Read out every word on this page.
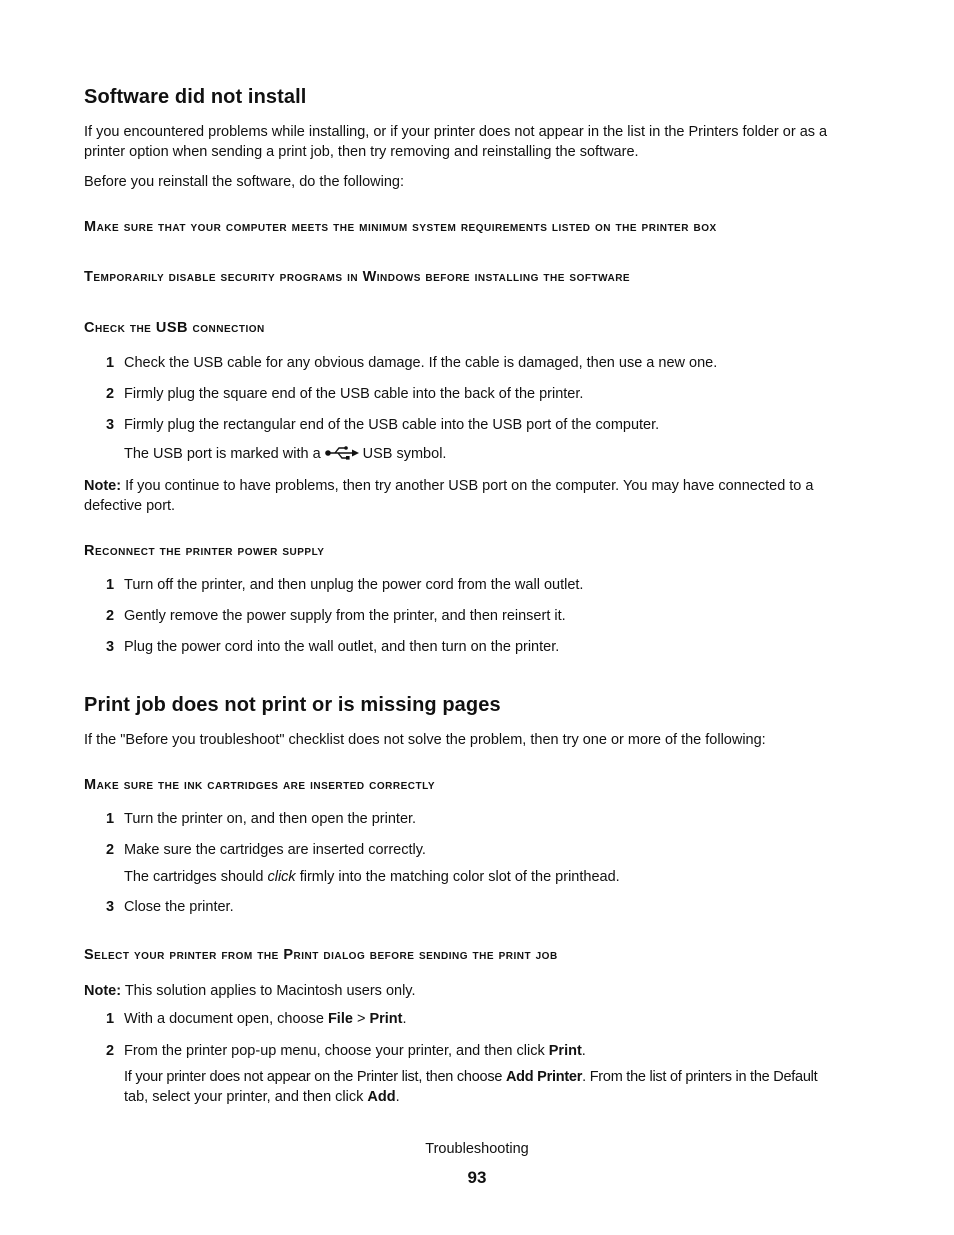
Software did not install
If you encountered problems while installing, or if your printer does not appear in the list in the Printers folder or as a
printer option when sending a print job, then try removing and reinstalling the software.
Before you reinstall the software, do the following:
Make sure that your computer meets the minimum system requirements listed on the printer box
Temporarily disable security programs in Windows before installing the software
Check the USB connection
1 Check the USB cable for any obvious damage. If the cable is damaged, then use a new one.
2 Firmly plug the square end of the USB cable into the back of the printer.
3 Firmly plug the rectangular end of the USB cable into the USB port of the computer.
The USB port is marked with a	USB symbol.
Note: If you continue to have problems, then try another USB port on the computer. You may have connected to a
defective port.
Reconnect the printer power supply
1 Turn off the printer, and then unplug the power cord from the wall outlet.
2 Gently remove the power supply from the printer, and then reinsert it.
3 Plug the power cord into the wall outlet, and then turn on the printer.
Print job does not print or is missing pages
If the "Before you troubleshoot" checklist does not solve the problem, then try one or more of the following:
Make sure the ink cartridges are inserted correctly
1 Turn the printer on, and then open the printer.
2 Make sure the cartridges are inserted correctly.
The cartridges should click firmly into the matching color slot of the printhead.
3 Close the printer.
Select your printer from the Print dialog before sending the print job
Note: This solution applies to Macintosh users only.
1 With a document open, choose File > Print.
2 From the printer pop-up menu, choose your printer, and then click Print.
If your printer does not appear on the Printer list, then choose Add Printer. From the list of printers in the Default
tab, select your printer, and then click Add.
Troubleshooting
93
